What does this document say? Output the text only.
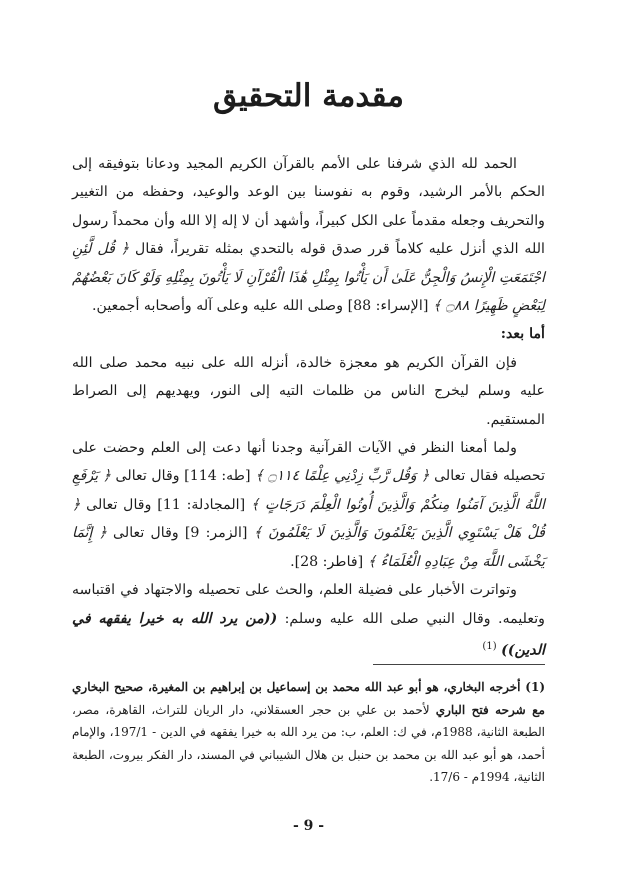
مقدمة التحقيق

الحمد لله الذي شرفنا على الأمم بالقرآن الكريم المجيد ودعانا بتوفيقه إلى الحكم بالأمر الرشيد، وقوم به نفوسنا بين الوعد والوعيد، وحفظه من التغيير والتحريف وجعله مقدماً على الكل كبيراً، وأشهد أن لا إله إلا الله وأن محمداً رسول الله الذي أنزل عليه كلاماً قرر صدق قوله بالتحدي بمثله تقريراً، فقال ﴿ قُل لَّئِنِ اجْتَمَعَتِ الْإِنسُ وَالْجِنُّ عَلَىٰ أَن يَأْتُوا بِمِثْلِ هَٰذَا الْقُرْآنِ لَا يَأْتُونَ بِمِثْلِهِ وَلَوْ كَانَ بَعْضُهُمْ لِبَعْضٍ ظَهِيرًا ۝٨٨ ﴾ [الإسراء: 88] وصلى الله عليه وعلى آله وأصحابه أجمعين.

أما بعد:

فإن القرآن الكريم هو معجزة خالدة، أنزله الله على نبيه محمد صلى الله عليه وسلم ليخرج الناس من ظلمات التيه إلى النور، ويهديهم إلى الصراط المستقيم.

ولما أمعنا النظر في الآيات القرآنية وجدنا أنها دعت إلى العلم وحضت على تحصيله فقال تعالى ﴿ وَقُل رَّبِّ زِدْنِي عِلْمًا ۝١١٤ ﴾ [طه: 114] وقال تعالى ﴿ يَرْفَعِ اللَّهُ الَّذِينَ آمَنُوا مِنكُمْ وَالَّذِينَ أُوتُوا الْعِلْمَ دَرَجَاتٍ ﴾ [المجادلة: 11] وقال تعالى ﴿ قُلْ هَلْ يَسْتَوِي الَّذِينَ يَعْلَمُونَ وَالَّذِينَ لَا يَعْلَمُونَ ﴾ [الزمر: 9] وقال تعالى ﴿ إِنَّمَا يَخْشَى اللَّهَ مِنْ عِبَادِهِ الْعُلَمَاءُ ﴾ [فاطر: 28].

وتواترت الأخبار على فضيلة العلم، والحث على تحصيله والاجتهاد في اقتباسه وتعليمه. وقال النبي صلى الله عليه وسلم: ((من يرد الله به خيرا يفقهه في الدين)) $^{(1)}$

(1) أخرجه البخاري، هو أبو عبد الله محمد بن إسماعيل بن إبراهيم بن المغيرة، صحيح البخاري مع شرحه فتح الباري لأحمد بن علي بن حجر العسقلاني، دار الريان للتراث، القاهرة، مصر، الطبعة الثانية، 1988م، في ك: العلم، ب: من يرد الله به خيرا يفقهه في الدين - 197/1، والإمام أحمد، هو أبو عبد الله بن محمد بن حنبل بن هلال الشيباني في المسند، دار الفكر بيروت، الطبعة الثانية، 1994م - 17/6.
- 9 -
